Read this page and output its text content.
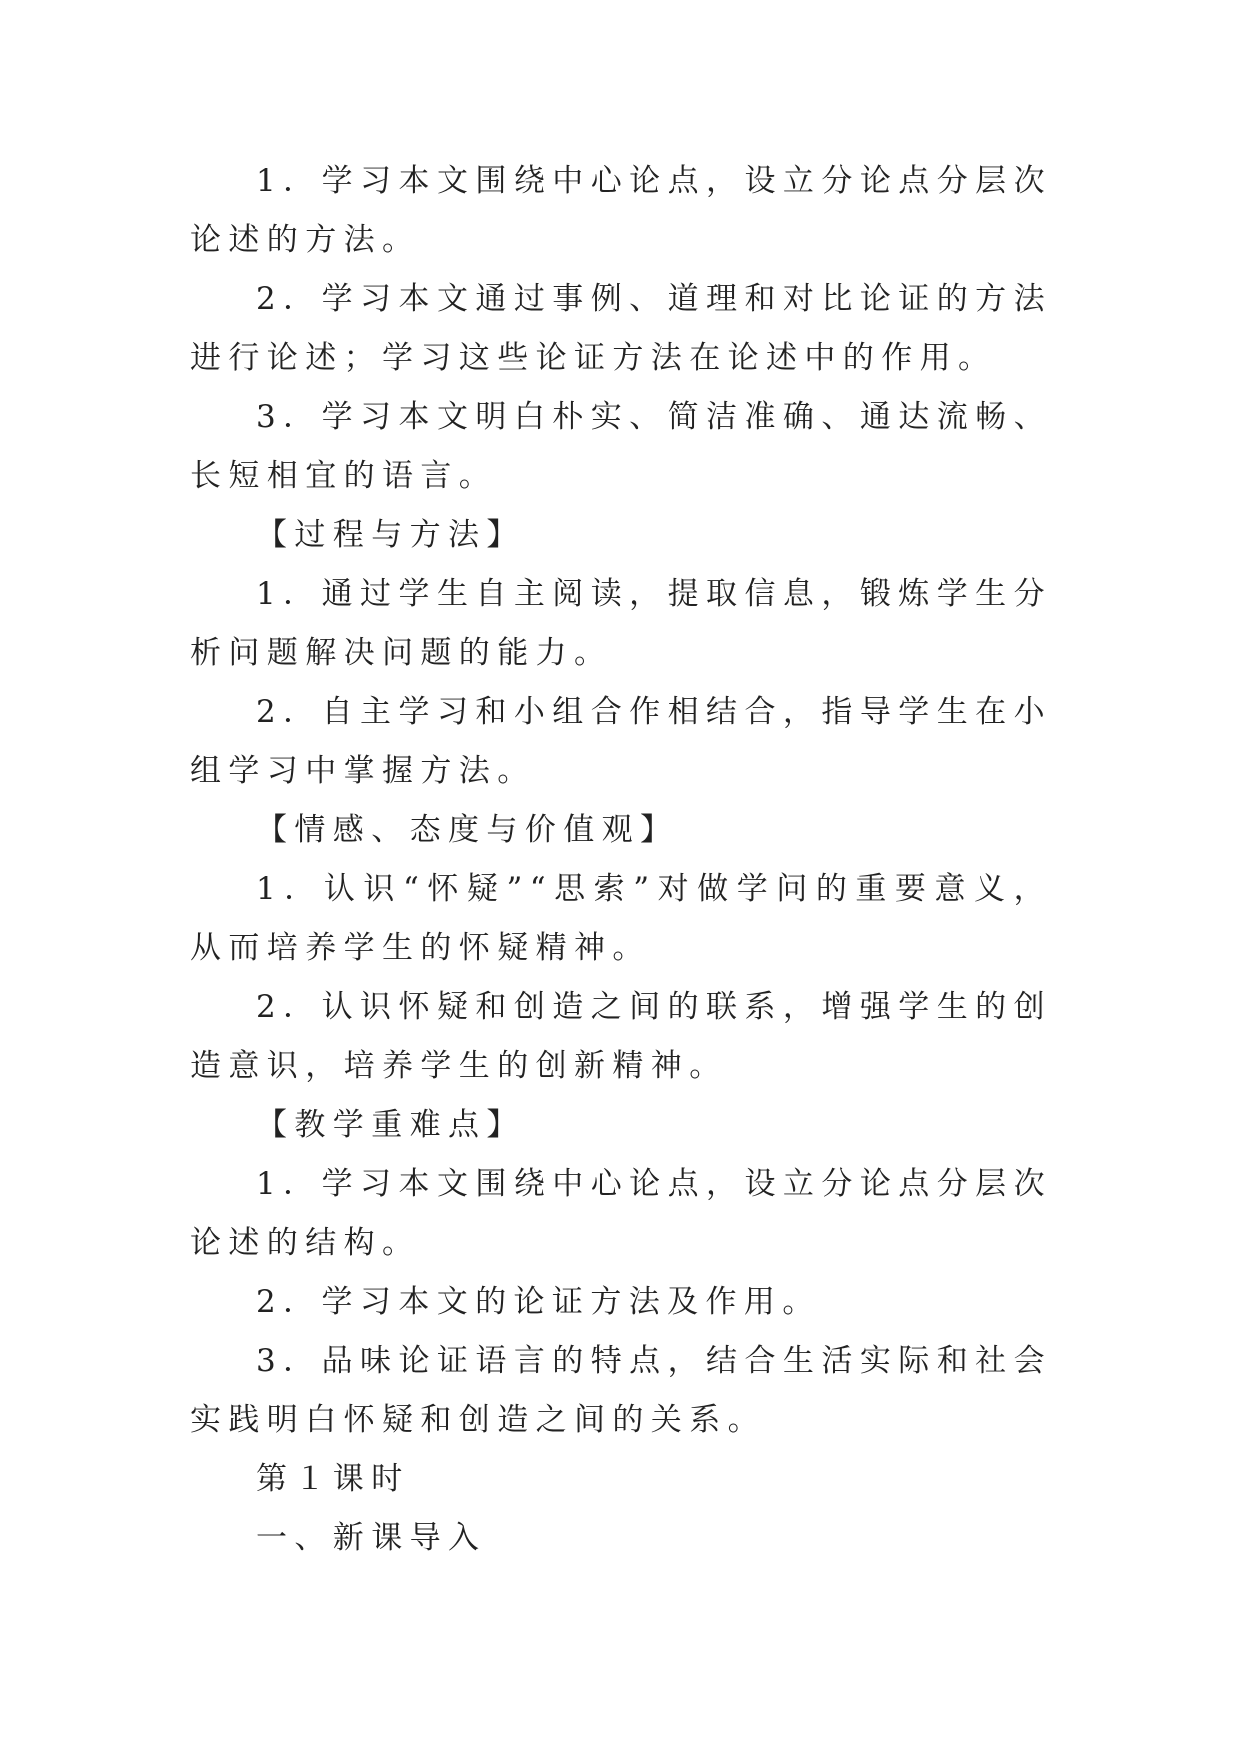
1．学习本文围绕中心论点，设立分论点分层次论述的方法。

2．学习本文通过事例、道理和对比论证的方法进行论述；学习这些论证方法在论述中的作用。

3．学习本文明白朴实、简洁准确、通达流畅、长短相宜的语言。

【过程与方法】

1．通过学生自主阅读，提取信息，锻炼学生分析问题解决问题的能力。

2．自主学习和小组合作相结合，指导学生在小组学习中掌握方法。

【情感、态度与价值观】

1．认识“怀疑”“思索”对做学问的重要意义，从而培养学生的怀疑精神。

2．认识怀疑和创造之间的联系，增强学生的创造意识，培养学生的创新精神。

【教学重难点】

1．学习本文围绕中心论点，设立分论点分层次论述的结构。

2．学习本文的论证方法及作用。

3．品味论证语言的特点，结合生活实际和社会实践明白怀疑和创造之间的关系。

第１课时

一、新课导入
